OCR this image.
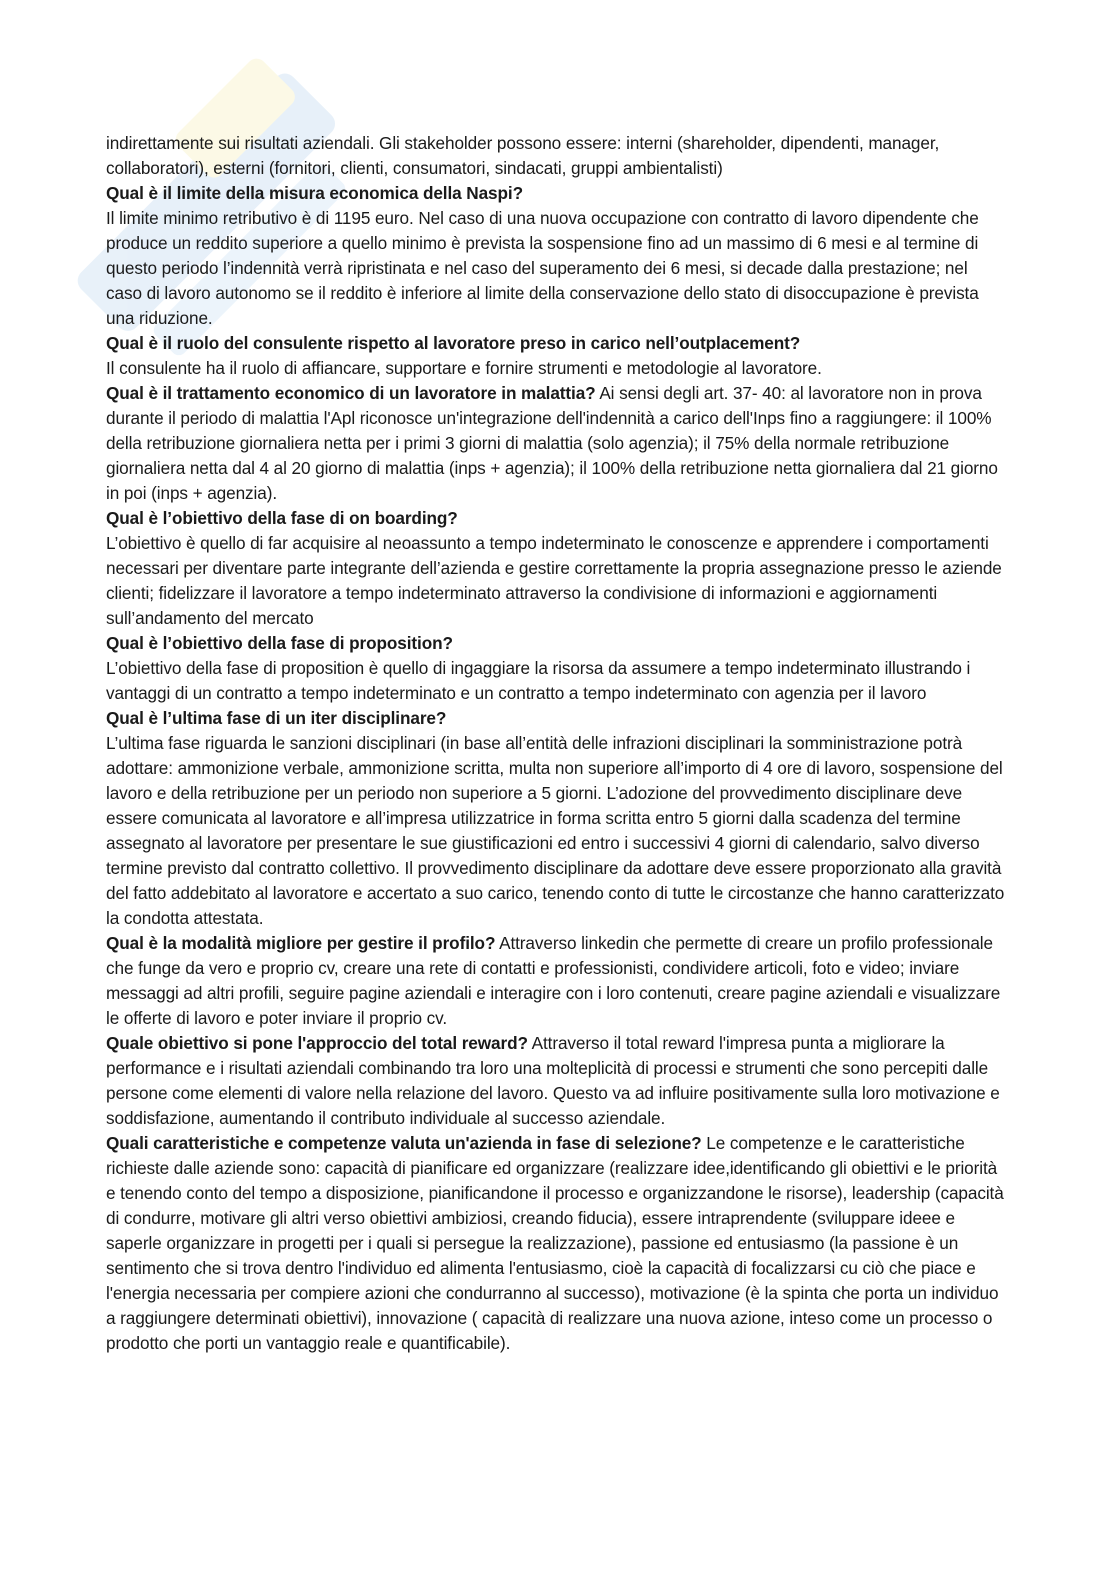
indirettamente sui risultati aziendali. Gli stakeholder possono essere: interni (shareholder, dipendenti, manager, collaboratori), esterni (fornitori, clienti, consumatori, sindacati, gruppi ambientalisti)

Qual è il limite della misura economica della Naspi?
Il limite minimo retributivo è di 1195 euro. Nel caso di una nuova occupazione con contratto di lavoro dipendente che produce un reddito superiore a quello minimo è prevista la sospensione fino ad un massimo di 6 mesi e al termine di questo periodo l’indennità verrà ripristinata e nel caso del superamento dei 6 mesi, si decade dalla prestazione; nel caso di lavoro autonomo se il reddito è inferiore al limite della conservazione dello stato di disoccupazione è prevista una riduzione.

Qual è il ruolo del consulente rispetto al lavoratore preso in carico nell’outplacement?
Il consulente ha il ruolo di affiancare, supportare e fornire strumenti e metodologie al lavoratore.

Qual è il trattamento economico di un lavoratore in malattia? Ai sensi degli art. 37- 40: al lavoratore non in prova durante il periodo di malattia l'Apl riconosce un'integrazione dell'indennità a carico dell'Inps fino a raggiungere: il 100% della retribuzione giornaliera netta per i primi 3 giorni di malattia (solo agenzia); il 75% della normale retribuzione giornaliera netta dal 4 al 20 giorno di malattia (inps + agenzia); il 100% della retribuzione netta giornaliera dal 21 giorno in poi (inps + agenzia).

Qual è l’obiettivo della fase di on boarding?
L’obiettivo è quello di far acquisire al neoassunto a tempo indeterminato le conoscenze e apprendere i comportamenti necessari per diventare parte integrante dell’azienda e gestire correttamente la propria assegnazione presso le aziende clienti; fidelizzare il lavoratore a tempo indeterminato attraverso la condivisione di informazioni e aggiornamenti sull’andamento del mercato

Qual è l’obiettivo della fase di proposition?
L’obiettivo della fase di proposition è quello di ingaggiare la risorsa da assumere a tempo indeterminato illustrando i vantaggi di un contratto a tempo indeterminato e un contratto a tempo indeterminato con agenzia per il lavoro

Qual è l’ultima fase di un iter disciplinare?
L’ultima fase riguarda le sanzioni disciplinari (in base all’entità delle infrazioni disciplinari la somministrazione potrà adottare: ammonizione verbale, ammonizione scritta, multa non superiore all’importo di 4 ore di lavoro, sospensione del lavoro e della retribuzione per un periodo non superiore a 5 giorni. L’adozione del provvedimento disciplinare deve essere comunicata al lavoratore e all’impresa utilizzatrice in forma scritta entro 5 giorni dalla scadenza del termine assegnato al lavoratore per presentare le sue giustificazioni ed entro i successivi 4 giorni di calendario, salvo diverso termine previsto dal contratto collettivo. Il provvedimento disciplinare da adottare deve essere proporzionato alla gravità del fatto addebitato al lavoratore e accertato a suo carico, tenendo conto di tutte le circostanze che hanno caratterizzato la condotta attestata.

Qual è la modalità migliore per gestire il profilo? Attraverso linkedin che permette di creare un profilo professionale che funge da vero e proprio cv, creare una rete di contatti e professionisti, condividere articoli, foto e video; inviare messaggi ad altri profili, seguire pagine aziendali e interagire con i loro contenuti, creare pagine aziendali e visualizzare le offerte di lavoro e poter inviare il proprio cv.

Quale obiettivo si pone l'approccio del total reward? Attraverso il total reward l'impresa punta a migliorare la performance e i risultati aziendali combinando tra loro una molteplicità di processi e strumenti che sono percepiti dalle persone come elementi di valore nella relazione del lavoro. Questo va ad influire positivamente sulla loro motivazione e soddisfazione, aumentando il contributo individuale al successo aziendale.

Quali caratteristiche e competenze valuta un'azienda in fase di selezione? Le competenze e le caratteristiche richieste dalle aziende sono: capacità di pianificare ed organizzare (realizzare idee,identificando gli obiettivi e le priorità e tenendo conto del tempo a disposizione, pianificandone il processo e organizzandone le risorse), leadership (capacità di condurre, motivare gli altri verso obiettivi ambiziosi, creando fiducia), essere intraprendente (sviluppare ideee e saperle organizzare in progetti per i quali si persegue la realizzazione), passione ed entusiasmo (la passione è un sentimento che si trova dentro l'individuo ed alimenta l'entusiasmo, cioè la capacità di focalizzarsi cu ciò che piace e l'energia necessaria per compiere azioni che condurranno al successo), motivazione (è la spinta che porta un individuo a raggiungere determinati obiettivi), innovazione ( capacità di realizzare una nuova azione, inteso come un processo o prodotto che porti un vantaggio reale e quantificabile).
